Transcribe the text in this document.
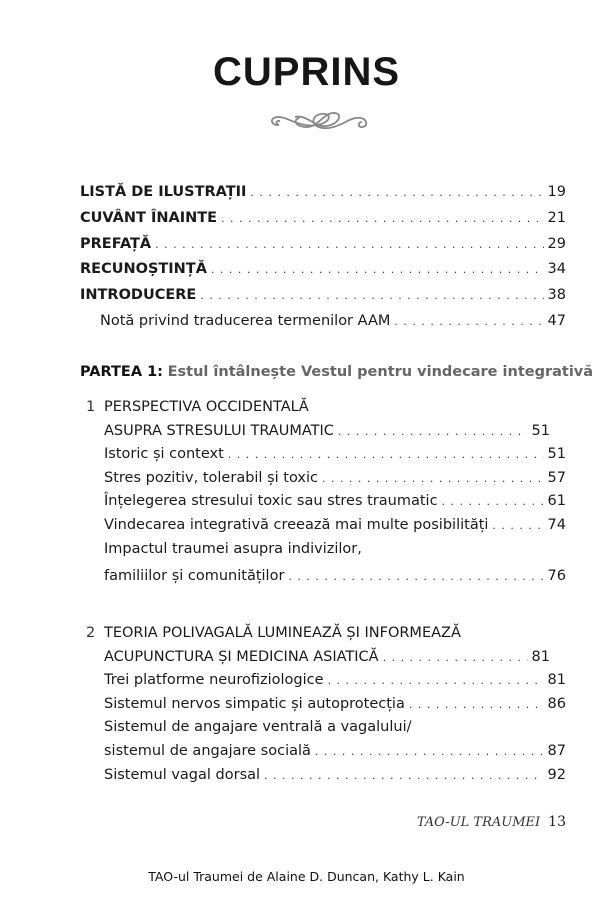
CUPRINS
LISTĂ DE ILUSTRAȚII . . .	19
CUVÂNT ÎNAINTE . . .	21
PREFAȚĂ . . .	29
RECUNOȘTINȚĂ . . .	34
INTRODUCERE . . .	38
Notă privind traducerea termenilor AAM . . .	47
PARTEA 1: Estul întâlnește Vestul pentru vindecare integrativă
1 PERSPECTIVA OCCIDENTALĂ
ASUPRA STRESULUI TRAUMATIC . . .	51
Istoric și context . . .	51
Stres pozitiv, tolerabil și toxic . . .	57
Înțelegerea stresului toxic sau stres traumatic . . .	61
Vindecarea integrativă creează mai multe posibilități . . .	74
Impactul traumei asupra indivizilor,
familiilor și comunităților . . .	76
2 TEORIA POLIVAGALĂ LUMINEAZĂ ȘI INFORMEAZĂ
ACUPUNCTURA ȘI MEDICINA ASIATICĂ . . .	81
Trei platforme neurofiziologice . . .	81
Sistemul nervos simpatic și autoprotecția . . .	86
Sistemul de angajare ventrală a vagalului/
sistemul de angajare socială . . .	87
Sistemul vagal dorsal . . .	92
TAO-UL TRAUMEI 13
TAO-ul Traumei de Alaine D. Duncan, Kathy L. Kain
